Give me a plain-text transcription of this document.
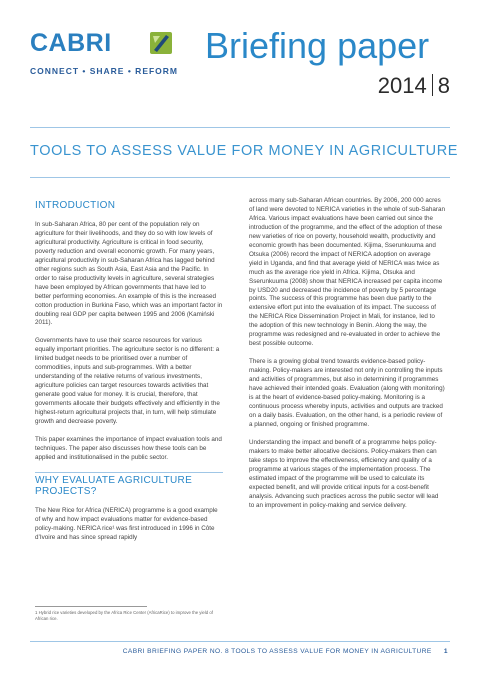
CABRI
CONNECT • SHARE • REFORM
Briefing paper
2014 8
TOOLS TO ASSESS VALUE FOR MONEY IN AGRICULTURE
INTRODUCTION

In sub-Saharan Africa, 80 per cent of the population rely on agriculture for their livelihoods, and they do so with low levels of agricultural productivity. Agriculture is critical in food security, poverty reduction and overall economic growth. For many years, agricultural productivity in sub-Saharan Africa has lagged behind other regions such as South Asia, East Asia and the Pacific. In order to raise productivity levels in agriculture, several strategies have been employed by African governments that have led to better performing economies. An example of this is the increased cotton production in Burkina Faso, which was an important factor in doubling real GDP per capita between 1995 and 2006 (Kamiński 2011).

Governments have to use their scarce resources for various equally important priorities. The agriculture sector is no different: a limited budget needs to be prioritised over a number of commodities, inputs and sub-programmes. With a better understanding of the relative returns of various investments, agriculture policies can target resources towards activities that generate good value for money. It is crucial, therefore, that governments allocate their budgets effectively and efficiently in the highest-return agricultural projects that, in turn, will help stimulate growth and decrease poverty.

This paper examines the importance of impact evaluation tools and techniques. The paper also discusses how these tools can be applied and institutionalised in the public sector.

WHY EVALUATE AGRICULTURE PROJECTS?

The New Rice for Africa (NERICA) programme is a good example of why and how impact evaluations matter for evidence-based policy-making. NERICA rice¹ was first introduced in 1996 in Côte d’Ivoire and has since spread rapidly

1 Hybrid rice varieties developed by the Africa Rice Center (AfricaRice) to improve the yield of African rice.

across many sub-Saharan African countries. By 2006, 200 000 acres of land were devoted to NERICA varieties in the whole of sub-Saharan Africa. Various impact evaluations have been carried out since the introduction of the programme, and the effect of the adoption of these new varieties of rice on poverty, household wealth, productivity and economic growth has been documented. Kijima, Sserunkuuma and Otsuka (2006) record the impact of NERICA adoption on average yield in Uganda, and find that average yield of NERICA was twice as much as the average rice yield in Africa. Kijima, Otsuka and Sserunkuuma (2008) show that NERICA increased per capita income by USD20 and decreased the incidence of poverty by 5 percentage points. The success of this programme has been due partly to the extensive effort put into the evaluation of its impact. The success of the NERICA Rice Dissemination Project in Mali, for instance, led to the adoption of this new technology in Benin. Along the way, the programme was redesigned and re-evaluated in order to achieve the best possible outcome.

There is a growing global trend towards evidence-based policy-making. Policy-makers are interested not only in controlling the inputs and activities of programmes, but also in determining if programmes have achieved their intended goals. Evaluation (along with monitoring) is at the heart of evidence-based policy-making. Monitoring is a continuous process whereby inputs, activities and outputs are tracked on a daily basis. Evaluation, on the other hand, is a periodic review of a planned, ongoing or finished programme.

Understanding the impact and benefit of a programme helps policy-makers to make better allocative decisions. Policy-makers then can take steps to improve the effectiveness, efficiency and quality of a programme at various stages of the implementation process. The estimated impact of the programme will be used to calculate its expected benefit, and will provide critical inputs for a cost-benefit analysis. Advancing such practices across the public sector will lead to an improvement in policy-making and service delivery.

CABRI BRIEFING PAPER NO. 8 TOOLS TO ASSESS VALUE FOR MONEY IN AGRICULTURE 1
